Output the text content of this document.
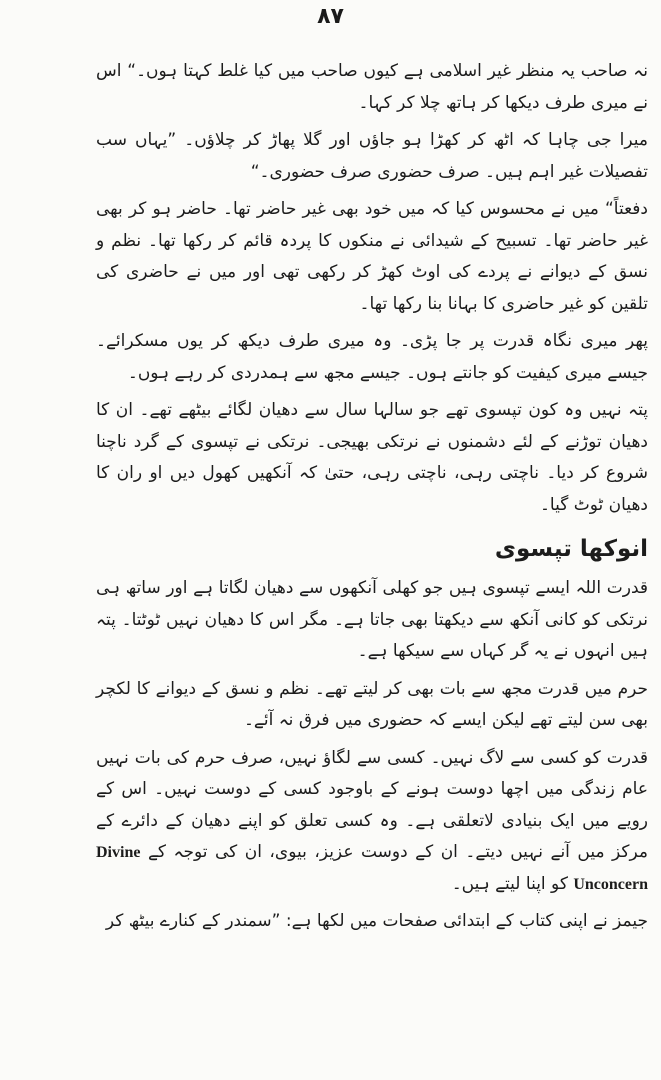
۸۷

نہ صاحب یہ منظر غیر اسلامی ہے کیوں صاحب میں کیا غلط کہتا ہوں۔“ اس نے میری طرف دیکھا کر ہاتھ چلا کر کہا۔

میرا جی چاہا کہ اٹھ کر کھڑا ہو جاؤں اور گلا پھاڑ کر چلاؤں۔ ”یہاں سب تفصیلات غیر اہم ہیں۔ صرف حضوری صرف حضوری۔“

دفعتاً“ میں نے محسوس کیا کہ میں خود بھی غیر حاضر تھا۔ حاضر ہو کر بھی غیر حاضر تھا۔ تسبیح کے شیدائی نے منکوں کا پردہ قائم کر رکھا تھا۔ نظم و نسق کے دیوانے نے پردے کی اوٹ کھڑ کر رکھی تھی اور میں نے حاضری کی تلقین کو غیر حاضری کا بہانا بنا رکھا تھا۔

پھر میری نگاہ قدرت پر جا پڑی۔ وہ میری طرف دیکھ کر یوں مسکرائے۔ جیسے میری کیفیت کو جانتے ہوں۔ جیسے مجھ سے ہمدردی کر رہے ہوں۔

پتہ نہیں وہ کون تپسوی تھے جو سالہا سال سے دھیان لگائے بیٹھے تھے۔ ان کا دھیان توڑنے کے لئے دشمنوں نے نرتکی بھیجی۔ نرتکی نے تپسوی کے گرد ناچنا شروع کر دیا۔ ناچتی رہی، ناچتی رہی، حتیٰ کہ آنکھیں کھول دیں او ران کا دھیان ٹوٹ گیا۔

انوکھا تپسوی

قدرت اللہ ایسے تپسوی ہیں جو کھلی آنکھوں سے دھیان لگاتا ہے اور ساتھ ہی نرتکی کو کانی آنکھ سے دیکھتا بھی جاتا ہے۔ مگر اس کا دھیان نہیں ٹوٹتا۔ پتہ ہیں انہوں نے یہ گر کہاں سے سیکھا ہے۔

حرم میں قدرت مجھ سے بات بھی کر لیتے تھے۔ نظم و نسق کے دیوانے کا لکچر بھی سن لیتے تھے لیکن ایسے کہ حضوری میں فرق نہ آئے۔

قدرت کو کسی سے لاگ نہیں۔ کسی سے لگاؤ نہیں، صرف حرم کی بات نہیں عام زندگی میں اچھا دوست ہونے کے باوجود کسی کے دوست نہیں۔ اس کے رویے میں ایک بنیادی لاتعلقی ہے۔ وہ کسی تعلق کو اپنے دھیان کے دائرے کے مرکز میں آنے نہیں دیتے۔ ان کے دوست عزیز، بیوی، ان کی توجہ کے Divine Unconcern کو اپنا لیتے ہیں۔

جیمز نے اپنی کتاب کے ابتدائی صفحات میں لکھا ہے: ”سمندر کے کنارے بیٹھ کر
